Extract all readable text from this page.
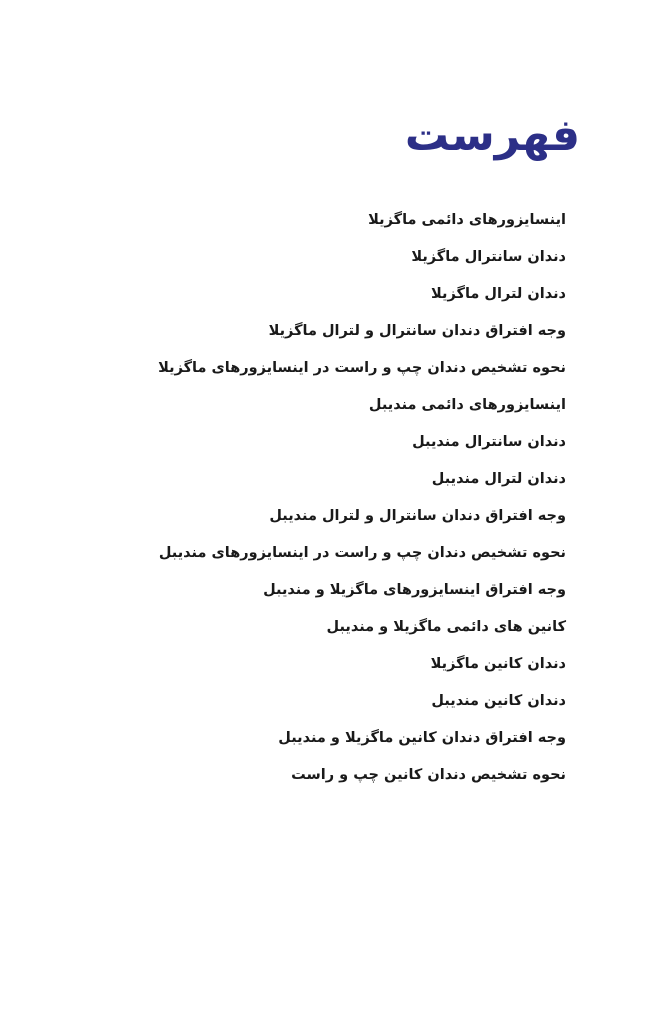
فهرست
اینسایزورهای دائمی ماگزیلا
دندان سانترال ماگزیلا
دندان لترال ماگزیلا
وجه افتراق دندان سانترال و لترال ماگزیلا
نحوه تشخیص دندان چپ و راست در اینسایزورهای ماگزیلا
اینسایزورهای دائمی مندیبل
دندان سانترال مندیبل
دندان لترال مندیبل
وجه افتراق دندان سانترال و لترال مندیبل
نحوه تشخیص دندان چپ و راست در اینسایزورهای مندیبل
وجه افتراق اینسایزورهای ماگزیلا و مندیبل
کانین های دائمی ماگزیلا و مندیبل
دندان کانین ماگزیلا
دندان کانین مندیبل
وجه افتراق دندان کانین ماگزیلا و مندیبل
نحوه تشخیص دندان کانین چپ و راست
